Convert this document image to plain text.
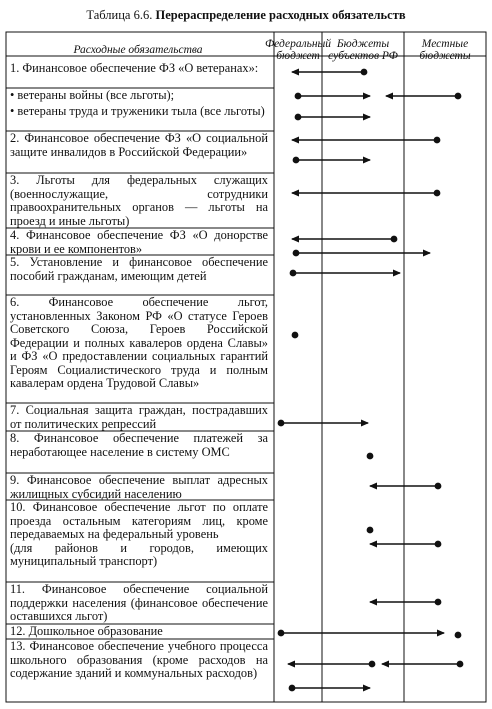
Таблица 6.6. Перераспределение расходных обязательств
Расходные обязательства	Федеральный
бюджет
Бюджеты
субъектов РФ
Местные
бюджеты
1. Финансовое обеспечение ФЗ «О ветеранах»:
• ветераны войны (все льготы);
• ветераны труда и труженики тыла (все льготы)
2. Финансовое обеспечение ФЗ «О социальной защите инвалидов в Российской Федерации»
3. Льготы для федеральных служащих (военнослужащие, сотрудники правоохранительных органов — льготы на проезд и иные льготы)
4. Финансовое обеспечение ФЗ «О донорстве крови и ее компонентов»
5. Установление и финансовое обеспечение пособий гражданам, имеющим детей
6. Финансовое обеспечение льгот, установленных Законом РФ «О статусе Героев Советского Союза, Героев Российской Федерации и полных кавалеров ордена Славы» и ФЗ «О предоставлении социальных гарантий Героям Социалистического труда и полным кавалерам ордена Трудовой Славы»
7. Социальная защита граждан, пострадавших от политических репрессий
8. Финансовое обеспечение платежей за неработающее население в систему ОМС
9. Финансовое обеспечение выплат адресных жилищных субсидий населению
10. Финансовое обеспечение льгот по оплате проезда остальным категориям лиц, кроме передаваемых на федеральный уровень
(для районов и городов, имеющих муниципальный транспорт)
11. Финансовое обеспечение социальной поддержки населения (финансовое обеспечение оставшихся льгот)
12. Дошкольное образование
13. Финансовое обеспечение учебного процесса школьного образования (кроме расходов на содержание зданий и коммунальных расходов)
